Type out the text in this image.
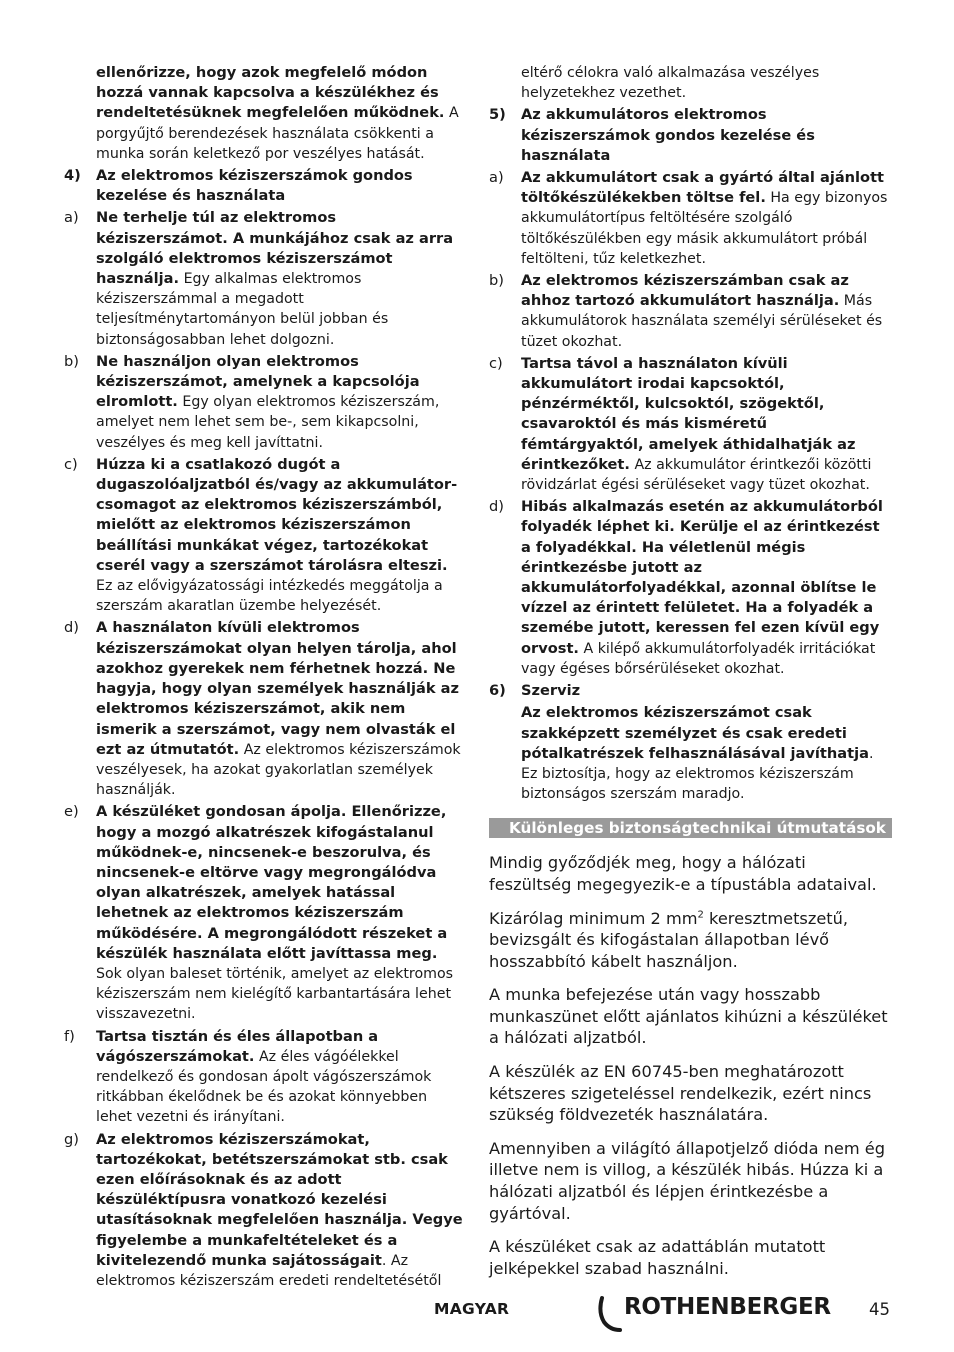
ellenőrizze, hogy azok megfelelő módon hozzá vannak kapcsolva a készülékhez és rendeltetésüknek megfelelően működnek. A porgyűjtő berendezések használata csökkenti a munka során keletkező por veszélyes hatását.
4)	Az elektromos kéziszerszámok gondos kezelése és használata
a)	Ne terhelje túl az elektromos kéziszerszámot. A munkájához csak az arra szolgáló elektromos kéziszerszámot használja. Egy alkalmas elektromos kéziszerszámmal a megadott teljesítménytartományon belül jobban és biztonságosabban lehet dolgozni.
b)	Ne használjon olyan elektromos kéziszerszámot, amelynek a kapcsolója elromlott. Egy olyan elektromos kéziszerszám, amelyet nem lehet sem be-, sem kikapcsolni, veszélyes és meg kell javíttatni.
c)	Húzza ki a csatlakozó dugót a dugaszolóaljzatból és/vagy az akkumulátor-csomagot az elektromos kéziszerszámból, mielőtt az elektromos kéziszerszámon beállítási munkákat végez, tartozékokat cserél vagy a szerszámot tárolásra elteszi. Ez az elővigyázatossági intézkedés meggátolja a szerszám akaratlan üzembe helyezését.
d)	A használaton kívüli elektromos kéziszerszámokat olyan helyen tárolja, ahol azokhoz gyerekek nem férhetnek hozzá. Ne hagyja, hogy olyan személyek használják az elektromos kéziszerszámot, akik nem ismerik a szerszámot, vagy nem olvasták el ezt az útmutatót. Az elektromos kéziszerszámok veszélyesek, ha azokat gyakorlatlan személyek használják.
e)	A készüléket gondosan ápolja. Ellenőrizze, hogy a mozgó alkatrészek kifogástalanul működnek-e, nincsenek-e beszorulva, és nincsenek-e eltörve vagy megrongálódva olyan alkatrészek, amelyek hatással lehetnek az elektromos kéziszerszám működésére. A megrongálódott részeket a készülék használata előtt javíttassa meg. Sok olyan baleset történik, amelyet az elektromos kéziszerszám nem kielégítő karbantartására lehet visszavezetni.
f)	Tartsa tisztán és éles állapotban a vágószerszámokat. Az éles vágóélekkel rendelkező és gondosan ápolt vágószerszámok ritkábban ékelődnek be és azokat könnyebben lehet vezetni és irányítani.
g)	Az elektromos kéziszerszámokat, tartozékokat, betétszerszámokat stb. csak ezen előírásoknak és az adott készüléktípusra vonatkozó kezelési utasításoknak megfelelően használja. Vegye figyelembe a munkafeltételeket és a kivitelezendő munka sajátosságait. Az elektromos kéziszerszám eredeti rendeltetésétől
eltérő célokra való alkalmazása veszélyes helyzetekhez vezethet.
5)	Az akkumulátoros elektromos kéziszerszámok gondos kezelése és használata
a)	Az akkumulátort csak a gyártó által ajánlott töltőkészülékekben töltse fel. Ha egy bizonyos akkumulátortípus feltöltésére szolgáló töltőkészülékben egy másik akkumulátort próbál feltölteni, tűz keletkezhet.
b)	Az elektromos kéziszerszámban csak az ahhoz tartozó akkumulátort használja. Más akkumulátorok használata személyi sérüléseket és tüzet okozhat.
c)	Tartsa távol a használaton kívüli akkumulátort irodai kapcsoktól, pénzérméktől, kulcsoktól, szögektől, csavaroktól és más kisméretű fémtárgyaktól, amelyek áthidalhatják az érintkezőket. Az akkumulátor érintkezői közötti rövidzárlat égési sérüléseket vagy tüzet okozhat.
d)	Hibás alkalmazás esetén az akkumulátorból folyadék léphet ki. Kerülje el az érintkezést a folyadékkal. Ha véletlenül mégis érintkezésbe jutott az akkumulátorfolyadékkal, azonnal öblítse le vízzel az érintett felületet. Ha a folyadék a szemébe jutott, keressen fel ezen kívül egy orvost. A kilépő akkumulátorfolyadék irritációkat vagy égéses bőrsérüléseket okozhat.
6)	Szerviz
Az elektromos kéziszerszámot csak szakképzett személyzet és csak eredeti pótalkatrészek felhasználásával javíthatja. Ez biztosítja, hogy az elektromos kéziszerszám biztonságos szerszám maradjo.
Különleges biztonságtechnikai útmutatások

Mindig győződjék meg, hogy a hálózati feszültség megegyezik-e a típustábla adataival.

Kizárólag minimum 2 $mm^2$ keresztmetszetű, bevizsgált és kifogástalan állapotban lévő hosszabbító kábelt használjon.

A munka befejezése után vagy hosszabb munkaszünet előtt ajánlatos kihúzni a készüléket a hálózati aljzatból.

A készülék az EN 60745-ben meghatározott kétszeres szigeteléssel rendelkezik, ezért nincs szükség földvezeték használatára.

Amennyiben a világító állapotjelző dióda nem ég illetve nem is villog, a készülék hibás. Húzza ki a hálózati aljzatból és lépjen érintkezésbe a gyártóval.

A készüléket csak az adattáblán mutatott jelképekkel szabad használni.

MAGYAR	ROTHENBERGER 45
